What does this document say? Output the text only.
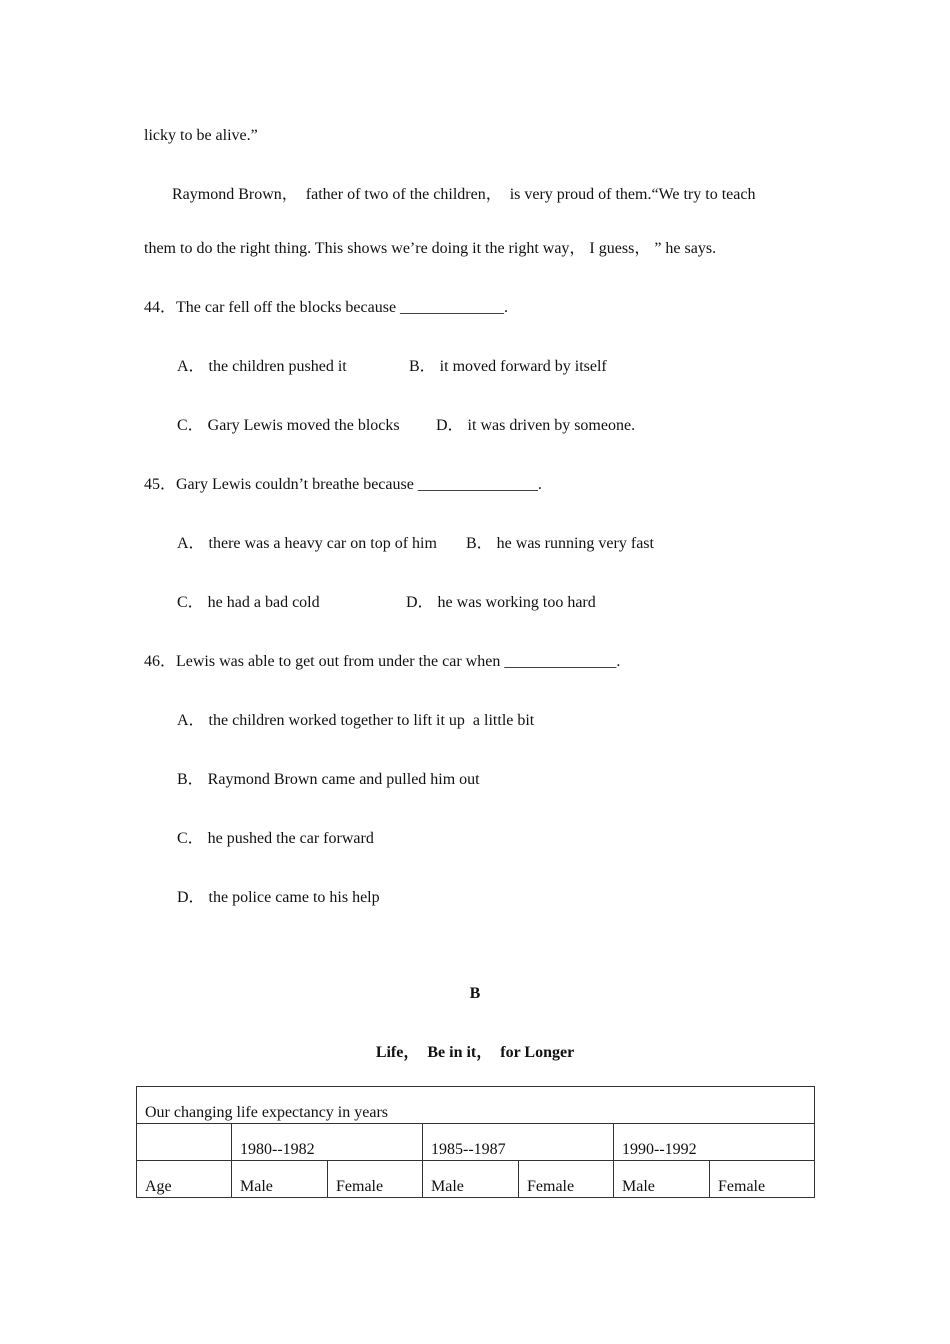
licky to be alive.”
Raymond Brown，  father of two of the children，  is very proud of them.“We try to teach
them to do the right thing. This shows we’re doing it the right way， I guess， ” he says.
44．The car fell off the blocks because _____________.
A． the children pushed it	B． it moved forward by itself
C． Gary Lewis moved the blocks D． it was driven by someone.
45．Gary Lewis couldn’t breathe because _______________.
A． there was a heavy car on top of him B． he was running very fast
C． he had a bad cold	D． he was working too hard
46．Lewis was able to get out from under the car when ______________.
A． the children worked together to lift it up  a little bit
B． Raymond Brown came and pulled him out
C． he pushed the car forward
D． the police came to his help
B
Life，  Be in it，  for Longer
Our changing life expectancy in years						
	1980--1982		1985--1987		1990--1992	
Age	Male	Female	Male	Female	Male	Female
